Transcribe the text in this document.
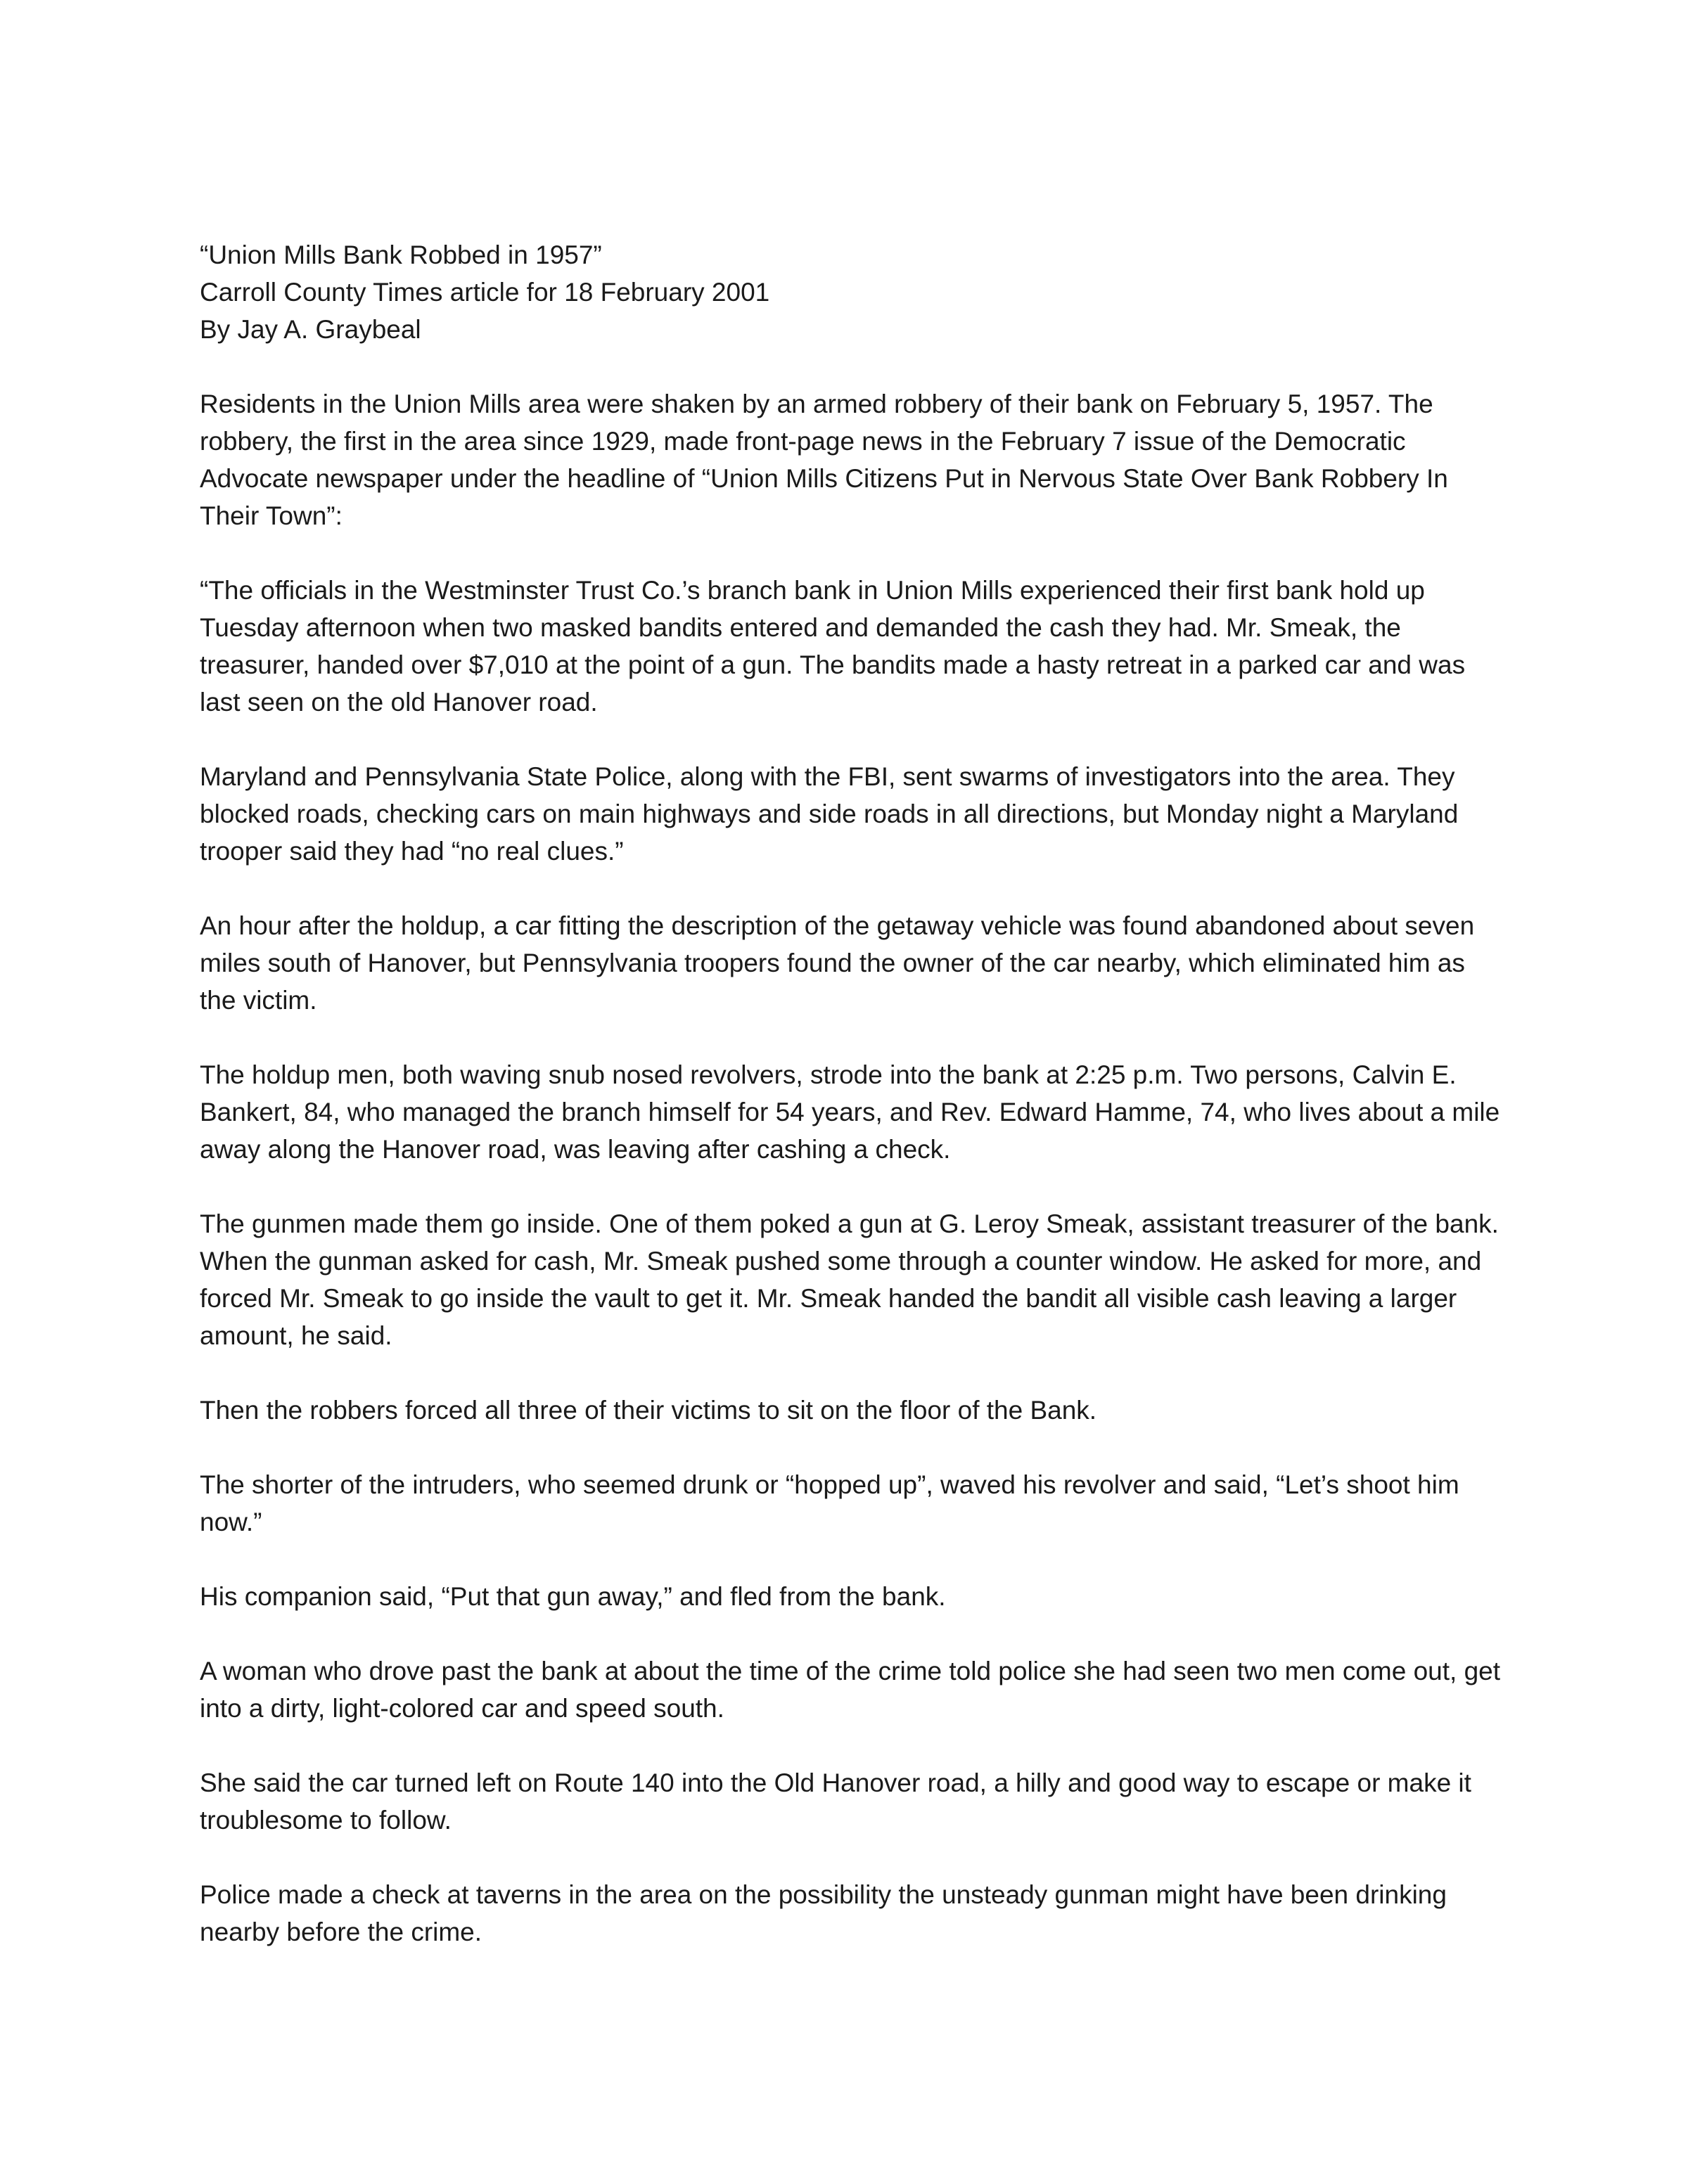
“Union Mills Bank Robbed in 1957”
Carroll County Times article for 18 February 2001
By Jay A. Graybeal

Residents in the Union Mills area were shaken by an armed robbery of their bank on February 5, 1957. The robbery, the first in the area since 1929, made front-page news in the February 7 issue of the Democratic Advocate newspaper under the headline of “Union Mills Citizens Put in Nervous State Over Bank Robbery In Their Town”:

“The officials in the Westminster Trust Co.’s branch bank in Union Mills experienced their first bank hold up Tuesday afternoon when two masked bandits entered and demanded the cash they had. Mr. Smeak, the treasurer, handed over $7,010 at the point of a gun. The bandits made a hasty retreat in a parked car and was last seen on the old Hanover road.

Maryland and Pennsylvania State Police, along with the FBI, sent swarms of investigators into the area. They blocked roads, checking cars on main highways and side roads in all directions, but Monday night a Maryland trooper said they had “no real clues.”

An hour after the holdup, a car fitting the description of the getaway vehicle was found abandoned about seven miles south of Hanover, but Pennsylvania troopers found the owner of the car nearby, which eliminated him as the victim.

The holdup men, both waving snub nosed revolvers, strode into the bank at 2:25 p.m. Two persons, Calvin E. Bankert, 84, who managed the branch himself for 54 years, and Rev. Edward Hamme, 74, who lives about a mile away along the Hanover road, was leaving after cashing a check.

The gunmen made them go inside. One of them poked a gun at G. Leroy Smeak, assistant treasurer of the bank. When the gunman asked for cash, Mr. Smeak pushed some through a counter window. He asked for more, and forced Mr. Smeak to go inside the vault to get it. Mr. Smeak handed the bandit all visible cash leaving a larger amount, he said.

Then the robbers forced all three of their victims to sit on the floor of the Bank.

The shorter of the intruders, who seemed drunk or “hopped up”, waved his revolver and said, “Let’s shoot him now.”

His companion said, “Put that gun away,” and fled from the bank.

A woman who drove past the bank at about the time of the crime told police she had seen two men come out, get into a dirty, light-colored car and speed south.

She said the car turned left on Route 140 into the Old Hanover road, a hilly and good way to escape or make it troublesome to follow.

Police made a check at taverns in the area on the possibility the unsteady gunman might have been drinking nearby before the crime.
